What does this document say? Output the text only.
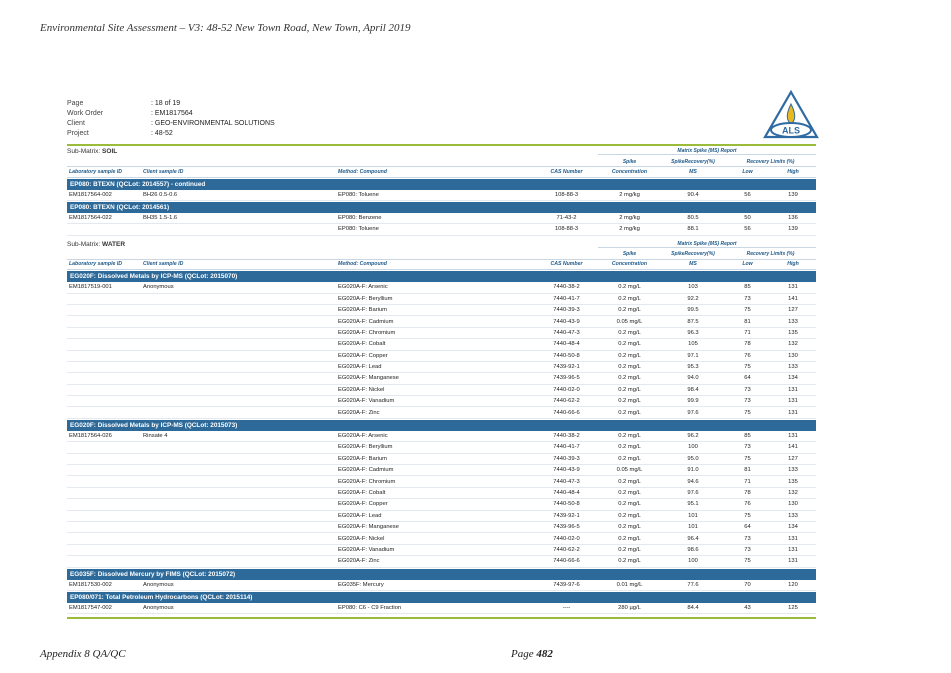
Environmental Site Assessment – V3: 48-52 New Town Road, New Town, April 2019
Page	: 18 of 19
Work Order	: EM1817564
Client	: GEO-ENVIRONMENTAL SOLUTIONS
Project	: 48-52	ALS
Sub-Matrix: SOIL	Matrix Spike (MS) Report
Spike	SpikeRecovery(%)	Recovery Limits (%)
Laboratory sample ID	Client sample ID	Method: Compound	CAS Number	Concentration	MS	Low	High
EP080: BTEXN (QCLot: 2014557) - continued
EM1817564-002	BH26 0.5-0.6	EP080: Toluene	108-88-3	2 mg/kg	90.4	56	139
EP080: BTEXN (QCLot: 2014561)
EM1817564-022	BH35 1.5-1.6	EP080: Benzene	71-43-2	2 mg/kg	80.5	50	136
EP080: Toluene	108-88-3	2 mg/kg	88.1	56	139
Sub-Matrix: WATER	Matrix Spike (MS) Report
Spike	SpikeRecovery(%)	Recovery Limits (%)
Laboratory sample ID	Client sample ID	Method: Compound	CAS Number	Concentration	MS	Low	High
EG020F: Dissolved Metals by ICP-MS (QCLot: 2015070)
EM1817519-001	Anonymous	EG020A-F: Arsenic	7440-38-2	0.2 mg/L	103	85	131
EG020A-F: Beryllium	7440-41-7	0.2 mg/L	92.2	73	141
EG020A-F: Barium	7440-39-3	0.2 mg/L	99.5	75	127
EG020A-F: Cadmium	7440-43-9	0.05 mg/L	87.5	81	133
EG020A-F: Chromium	7440-47-3	0.2 mg/L	96.3	71	135
EG020A-F: Cobalt	7440-48-4	0.2 mg/L	105	78	132
EG020A-F: Copper	7440-50-8	0.2 mg/L	97.1	76	130
EG020A-F: Lead	7439-92-1	0.2 mg/L	95.3	75	133
EG020A-F: Manganese	7439-96-5	0.2 mg/L	94.0	64	134
EG020A-F: Nickel	7440-02-0	0.2 mg/L	98.4	73	131
EG020A-F: Vanadium	7440-62-2	0.2 mg/L	99.9	73	131
EG020A-F: Zinc	7440-66-6	0.2 mg/L	97.6	75	131
EG020F: Dissolved Metals by ICP-MS (QCLot: 2015073)
EM1817564-026	Rinsate 4	EG020A-F: Arsenic	7440-38-2	0.2 mg/L	96.2	85	131
EG020A-F: Beryllium	7440-41-7	0.2 mg/L	100	73	141
EG020A-F: Barium	7440-39-3	0.2 mg/L	95.0	75	127
EG020A-F: Cadmium	7440-43-9	0.05 mg/L	91.0	81	133
EG020A-F: Chromium	7440-47-3	0.2 mg/L	94.6	71	135
EG020A-F: Cobalt	7440-48-4	0.2 mg/L	97.6	78	132
EG020A-F: Copper	7440-50-8	0.2 mg/L	95.1	76	130
EG020A-F: Lead	7439-92-1	0.2 mg/L	101	75	133
EG020A-F: Manganese	7439-96-5	0.2 mg/L	101	64	134
EG020A-F: Nickel	7440-02-0	0.2 mg/L	96.4	73	131
EG020A-F: Vanadium	7440-62-2	0.2 mg/L	98.6	73	131
EG020A-F: Zinc	7440-66-6	0.2 mg/L	100	75	131
EG035F: Dissolved Mercury by FIMS (QCLot: 2015072)
EM1817530-002	Anonymous	EG035F: Mercury	7439-97-6	0.01 mg/L	77.6	70	120
EP080/071: Total Petroleum Hydrocarbons (QCLot: 2015114)
EM1817547-002	Anonymous	EP080: C6 - C9 Fraction	----	280 µg/L	84.4	43	125
Appendix 8 QA/QC	Page 482
